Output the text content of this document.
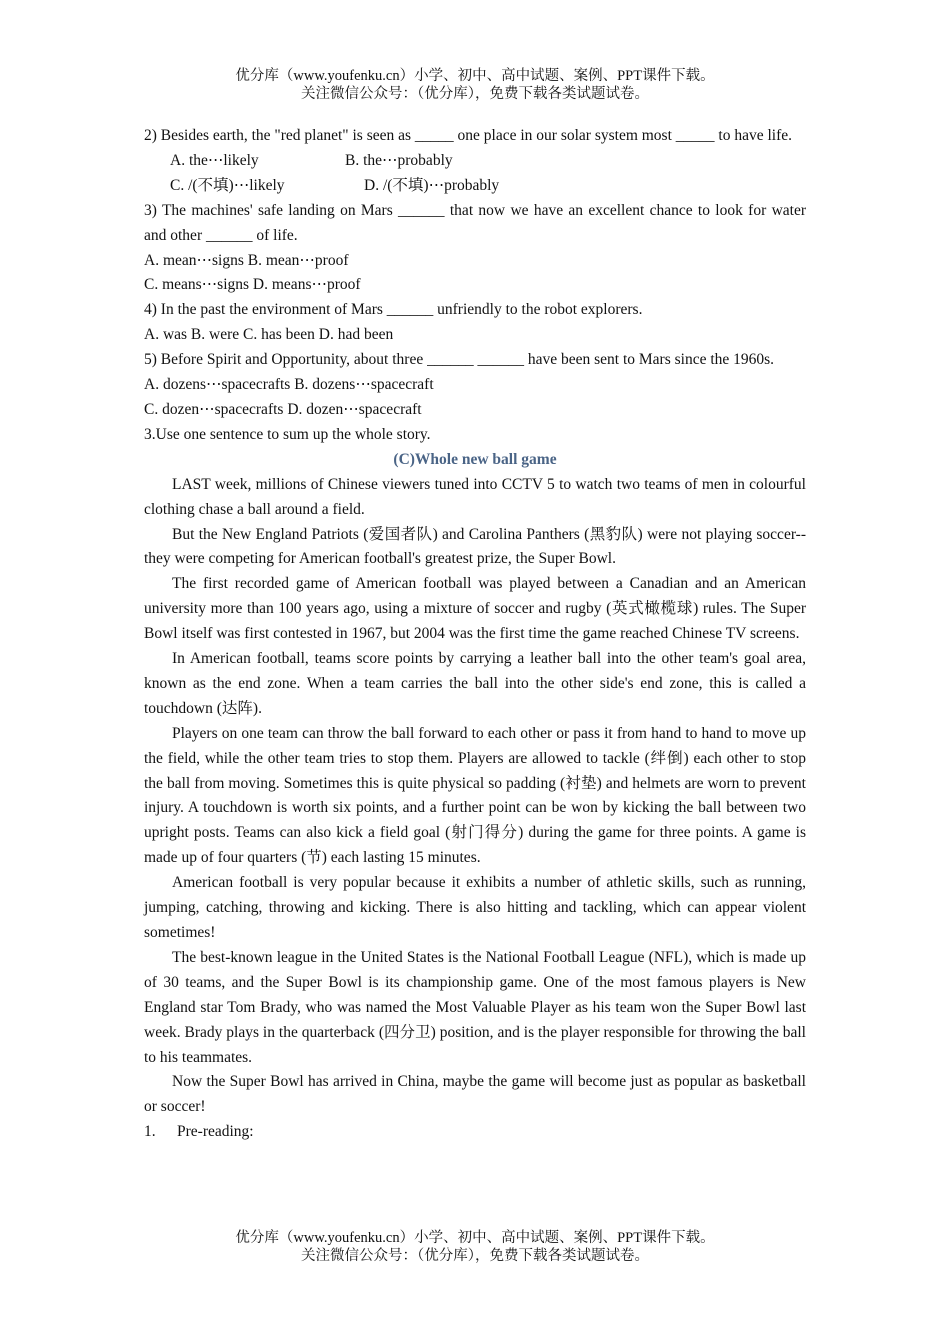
优分库（www.youfenku.cn）小学、初中、高中试题、案例、PPT课件下载。
关注微信公众号：（优分库），免费下载各类试题试卷。

2) Besides earth, the "red planet" is seen as _____ one place in our solar system most _____ to have life.

A. the⋯likely	B. the⋯probably

C. /(不填)⋯likely	D. /(不填)⋯probably

3) The machines' safe landing on Mars ______ that now we have an excellent chance to look for water and other ______ of life.

A. mean⋯signs B. mean⋯proof

C. means⋯signs D. means⋯proof

4) In the past the environment of Mars ______ unfriendly to the robot explorers.

A. was B. were C. has been D. had been

5) Before Spirit and Opportunity, about three ______ ______ have been sent to Mars since the 1960s.

A. dozens⋯spacecrafts B. dozens⋯spacecraft

C. dozen⋯spacecrafts D. dozen⋯spacecraft

3.Use one sentence to sum up the whole story.

(C)Whole new ball game

LAST week, millions of Chinese viewers tuned into CCTV 5 to watch two teams of men in colourful clothing chase a ball around a field.

But the New England Patriots (爱国者队) and Carolina Panthers (黑豹队) were not playing soccer--they were competing for American football's greatest prize, the Super Bowl.

The first recorded game of American football was played between a Canadian and an American university more than 100 years ago, using a mixture of soccer and rugby (英式橄榄球) rules. The Super Bowl itself was first contested in 1967, but 2004 was the first time the game reached Chinese TV screens.

In American football, teams score points by carrying a leather ball into the other team's goal area, known as the end zone. When a team carries the ball into the other side's end zone, this is called a touchdown (达阵).

Players on one team can throw the ball forward to each other or pass it from hand to hand to move up the field, while the other team tries to stop them. Players are allowed to tackle (绊倒) each other to stop the ball from moving. Sometimes this is quite physical so padding (衬垫) and helmets are worn to prevent injury. A touchdown is worth six points, and a further point can be won by kicking the ball between two upright posts. Teams can also kick a field goal (射门得分) during the game for three points. A game is made up of four quarters (节) each lasting 15 minutes.

American football is very popular because it exhibits a number of athletic skills, such as running, jumping, catching, throwing and kicking. There is also hitting and tackling, which can appear violent sometimes!

The best-known league in the United States is the National Football League (NFL), which is made up of 30 teams, and the Super Bowl is its championship game. One of the most famous players is New England star Tom Brady, who was named the Most Valuable Player as his team won the Super Bowl last week. Brady plays in the quarterback (四分卫) position, and is the player responsible for throwing the ball to his teammates.

Now the Super Bowl has arrived in China, maybe the game will become just as popular as basketball or soccer!

1. Pre-reading:

优分库（www.youfenku.cn）小学、初中、高中试题、案例、PPT课件下载。
关注微信公众号：（优分库），免费下载各类试题试卷。
